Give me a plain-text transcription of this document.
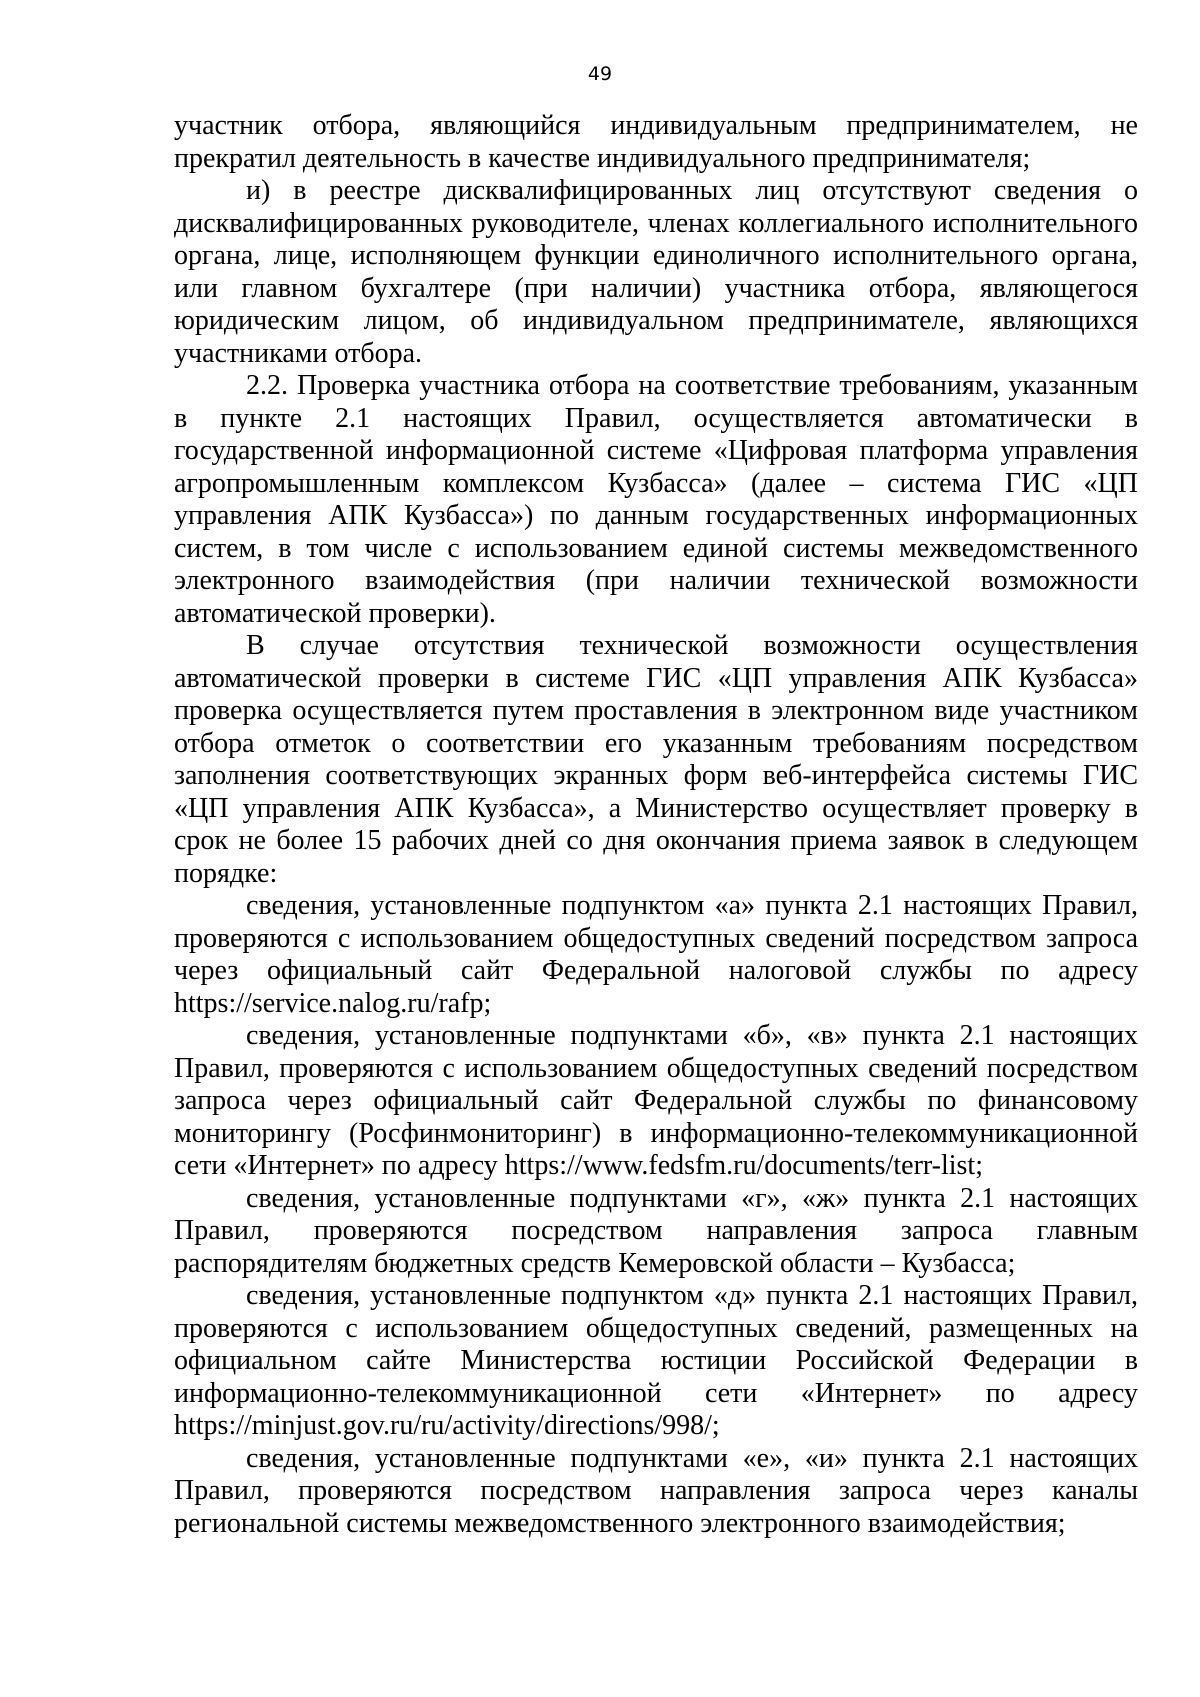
49

участник отбора, являющийся индивидуальным предпринимателем, не прекратил деятельность в качестве индивидуального предпринимателя;

и) в реестре дисквалифицированных лиц отсутствуют сведения о дисквалифицированных руководителе, членах коллегиального исполнительного органа, лице, исполняющем функции единоличного исполнительного органа, или главном бухгалтере (при наличии) участника отбора, являющегося юридическим лицом, об индивидуальном предпринимателе, являющихся участниками отбора.

2.2. Проверка участника отбора на соответствие требованиям, указанным в пункте 2.1 настоящих Правил, осуществляется автоматически в государственной информационной системе «Цифровая платформа управления агропромышленным комплексом Кузбасса» (далее – система ГИС «ЦП управления АПК Кузбасса») по данным государственных информационных систем, в том числе с использованием единой системы межведомственного электронного взаимодействия (при наличии технической возможности автоматической проверки).

В случае отсутствия технической возможности осуществления автоматической проверки в системе ГИС «ЦП управления АПК Кузбасса» проверка осуществляется путем проставления в электронном виде участником отбора отметок о соответствии его указанным требованиям посредством заполнения соответствующих экранных форм веб-интерфейса системы ГИС «ЦП управления АПК Кузбасса», а Министерство осуществляет проверку в срок не более 15 рабочих дней со дня окончания приема заявок в следующем порядке:

сведения, установленные подпунктом «а» пункта 2.1 настоящих Правил, проверяются с использованием общедоступных сведений посредством запроса через официальный сайт Федеральной налоговой службы по адресу https://service.nalog.ru/rafp;

сведения, установленные подпунктами «б», «в» пункта 2.1 настоящих Правил, проверяются с использованием общедоступных сведений посредством запроса через официальный сайт Федеральной службы по финансовому мониторингу (Росфинмониторинг) в информационно-телекоммуникационной сети «Интернет» по адресу https://www.fedsfm.ru/documents/terr-list;

сведения, установленные подпунктами «г», «ж» пункта 2.1 настоящих Правил, проверяются посредством направления запроса главным распорядителям бюджетных средств Кемеровской области – Кузбасса;

сведения, установленные подпунктом «д» пункта 2.1 настоящих Правил, проверяются с использованием общедоступных сведений, размещенных на официальном сайте Министерства юстиции Российской Федерации в информационно-телекоммуникационной сети «Интернет» по адресу https://minjust.gov.ru/ru/activity/directions/998/;

сведения, установленные подпунктами «е», «и» пункта 2.1 настоящих Правил, проверяются посредством направления запроса через каналы региональной системы межведомственного электронного взаимодействия;
